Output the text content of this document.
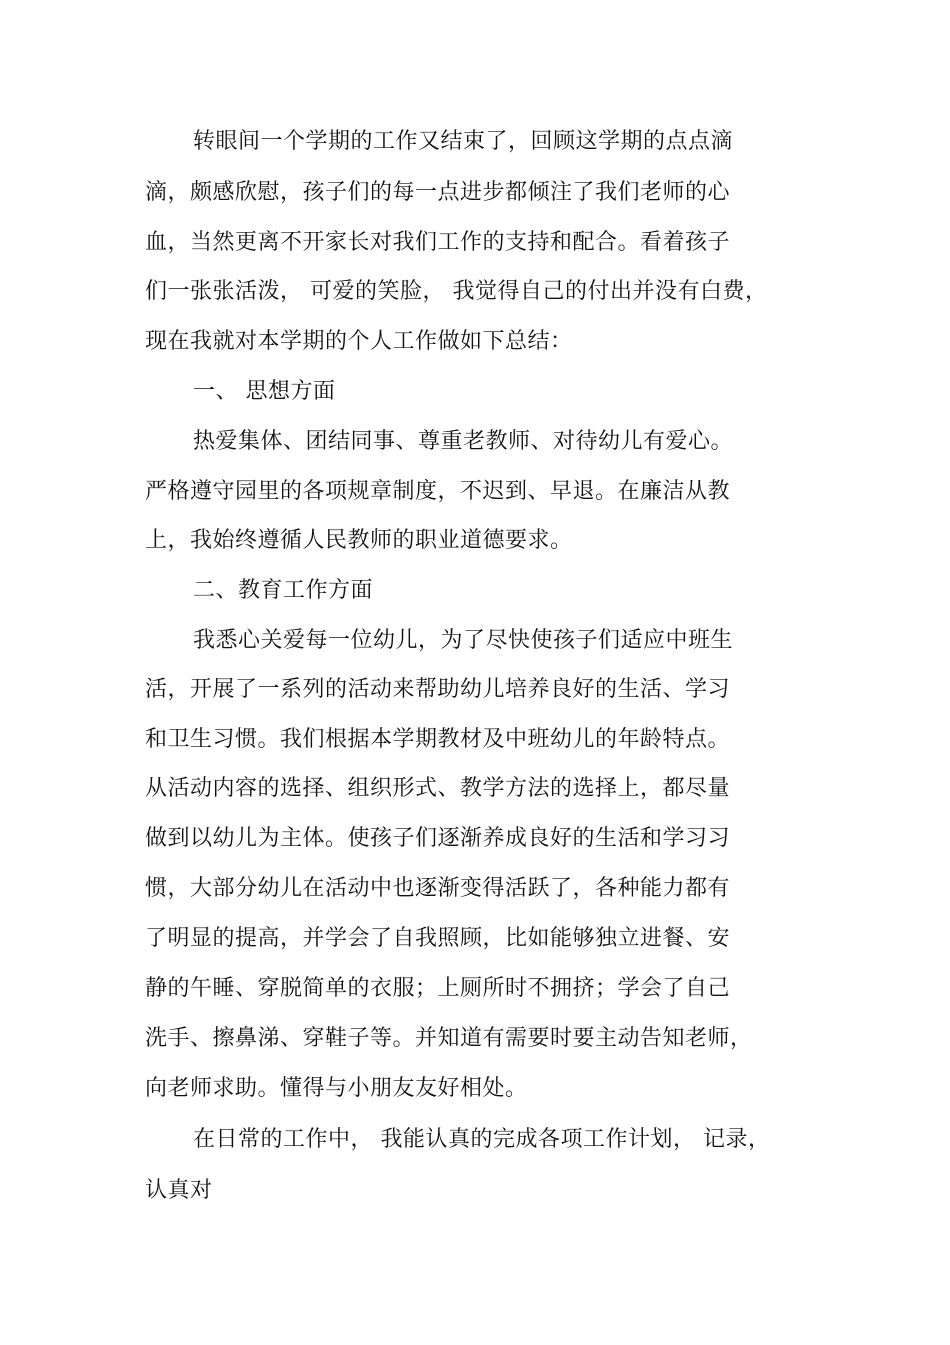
转眼间一个学期的工作又结束了，回顾这学期的点点滴
滴，颇感欣慰，孩子们的每一点进步都倾注了我们老师的心
血，当然更离不开家长对我们工作的支持和配合。看着孩子
们一张张活泼， 可爱的笑脸， 我觉得自己的付出并没有白费，
现在我就对本学期的个人工作做如下总结：
一、 思想方面
热爱集体、团结同事、尊重老教师、对待幼儿有爱心。
严格遵守园里的各项规章制度，不迟到、早退。在廉洁从教
上，我始终遵循人民教师的职业道德要求。
二、教育工作方面
我悉心关爱每一位幼儿，为了尽快使孩子们适应中班生
活，开展了一系列的活动来帮助幼儿培养良好的生活、学习
和卫生习惯。我们根据本学期教材及中班幼儿的年龄特点。
从活动内容的选择、组织形式、教学方法的选择上，都尽量
做到以幼儿为主体。使孩子们逐渐养成良好的生活和学习习
惯，大部分幼儿在活动中也逐渐变得活跃了，各种能力都有
了明显的提高，并学会了自我照顾，比如能够独立进餐、安
静的午睡、穿脱简单的衣服；上厕所时不拥挤；学会了自己
洗手、擦鼻涕、穿鞋子等。并知道有需要时要主动告知老师，
向老师求助。懂得与小朋友友好相处。
在日常的工作中， 我能认真的完成各项工作计划， 记录，
认真对
